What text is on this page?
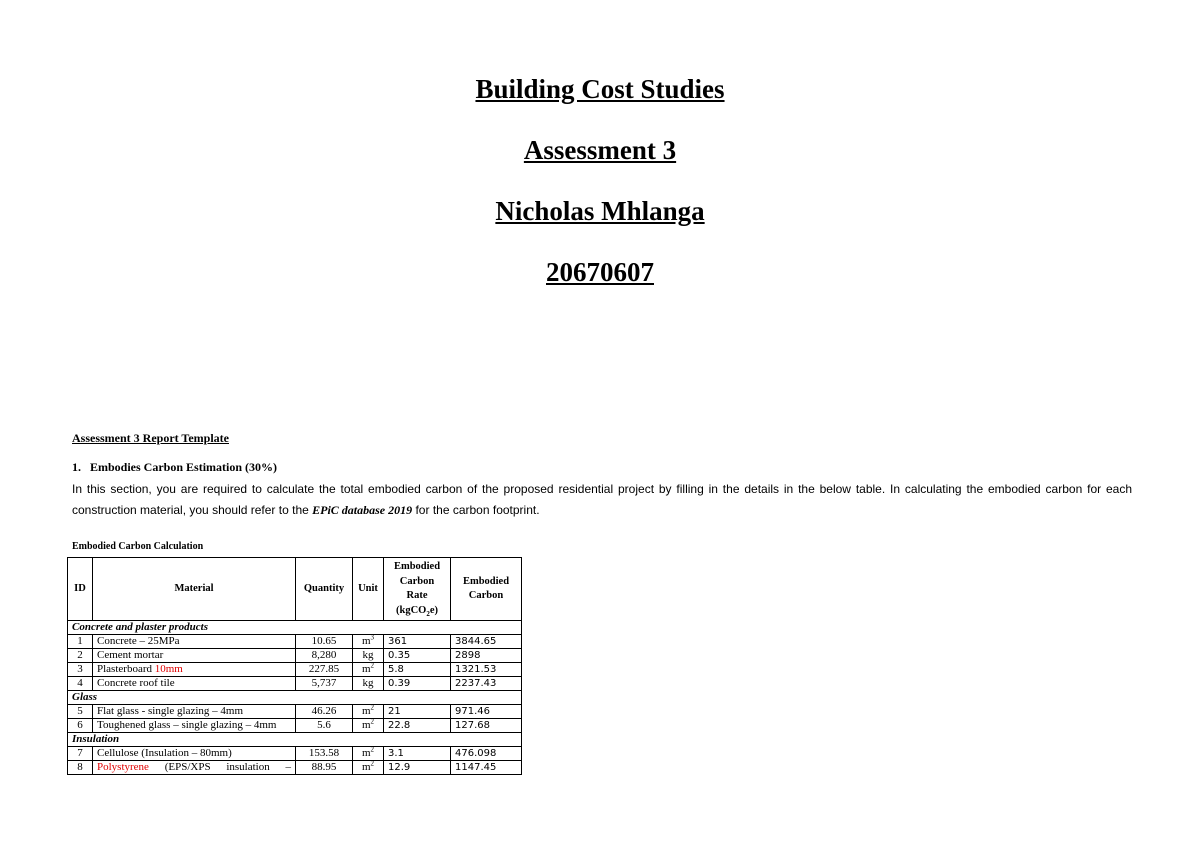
Building Cost Studies
Assessment 3
Nicholas Mhlanga
20670607
Assessment 3 Report Template
1. Embodies Carbon Estimation (30%)
In this section, you are required to calculate the total embodied carbon of the proposed residential project by filling in the details in the below table. In calculating the embodied carbon for each construction material, you should refer to the EPiC database 2019 for the carbon footprint.
Embodied Carbon Calculation
ID	Material	Quantity	Unit	Embodied
Carbon
Rate
(kgCO$_2$e)	Embodied
Carbon
Concrete and plaster products					
1	Concrete – 25MPa	10.65	$m^3$	361	3844.65
2	Cement mortar	8,280	kg	0.35	2898
3	Plasterboard 10mm	227.85	$m^2$	5.8	1321.53
4	Concrete roof tile	5,737	kg	0.39	2237.43
Glass					
5	Flat glass - single glazing – 4mm	46.26	$m^2$	21	971.46
6	Toughened glass – single glazing – 4mm	5.6	$m^2$	22.8	127.68
Insulation					
7	Cellulose (Insulation – 80mm)	153.58	$m^2$	3.1	476.098
8	Polystyrene (EPS/XPS insulation –	88.95	$m^2$	12.9	1147.45
